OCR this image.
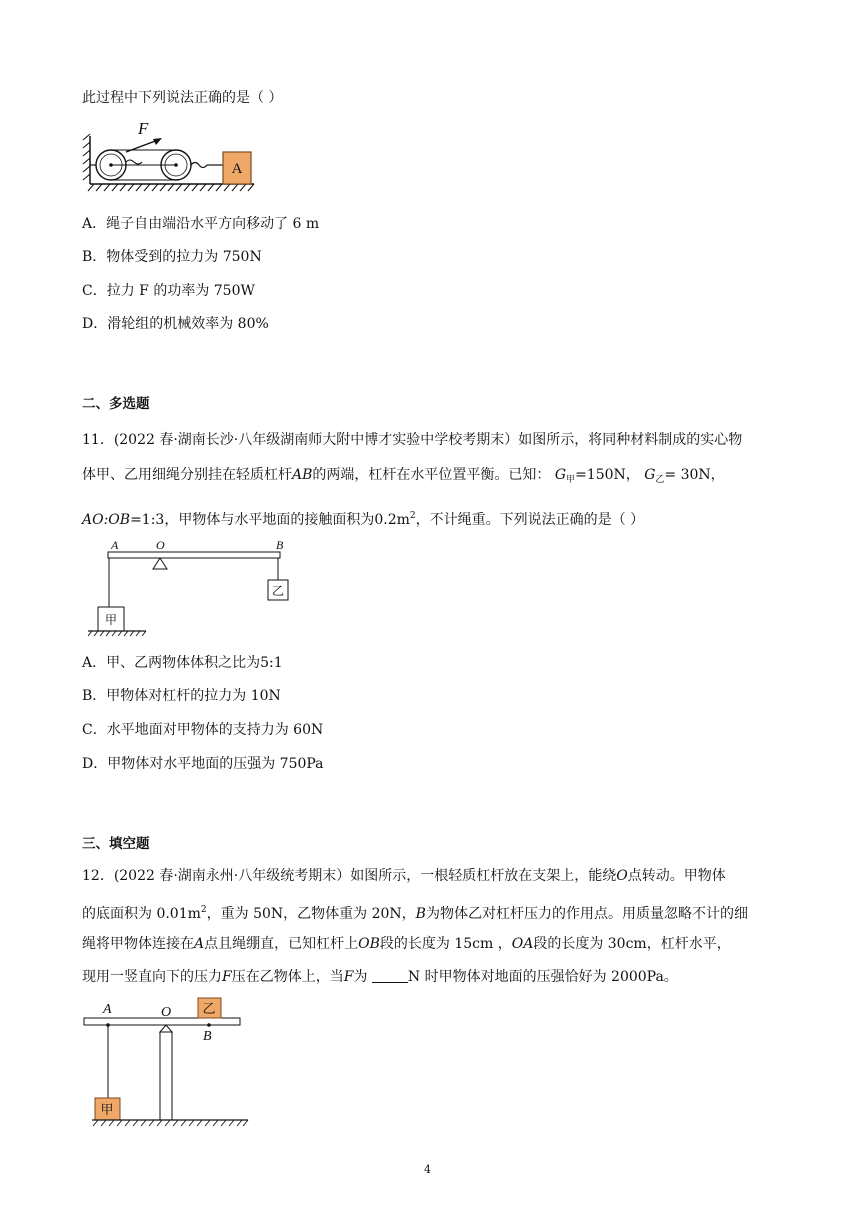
此过程中下列说法正确的是（ ）
A
F
A．绳子自由端沿水平方向移动了 6 m
B．物体受到的拉力为 750N
C．拉力 F 的功率为 750W
D．滑轮组的机械效率为 80%
二、多选题
11．(2022 春·湖南长沙·八年级湖南师大附中博才实验中学校考期末）如图所示，将同种材料制成的实心物
体甲、乙用细绳分别挂在轻质杠杆AB的两端，杠杆在水平位置平衡。已知： $G_甲=150N$， $G_乙= 30N$，
AO:OB=1:3，甲物体与水平地面的接触面积为$0.2m^2$，不计绳重。下列说法正确的是（ ）
A	O	B
乙
甲
A．甲、乙两物体体积之比为5:1
B．甲物体对杠杆的拉力为 10N
C．水平地面对甲物体的支持力为 60N
D．甲物体对水平地面的压强为 750Pa
三、填空题
12．(2022 春·湖南永州·八年级统考期末）如图所示，一根轻质杠杆放在支架上，能绕O点转动。甲物体
的底面积为 $0.01m^2$，重为 50N，乙物体重为 20N，B为物体乙对杠杆压力的作用点。用质量忽略不计的细
绳将甲物体连接在A点且绳绷直，已知杠杆上OB段的长度为 15cm ，OA段的长度为 30cm，杠杆水平，
现用一竖直向下的压力F压在乙物体上，当F为	N 时甲物体对地面的压强恰好为 2000Pa。
A	O
B
乙
甲
4
